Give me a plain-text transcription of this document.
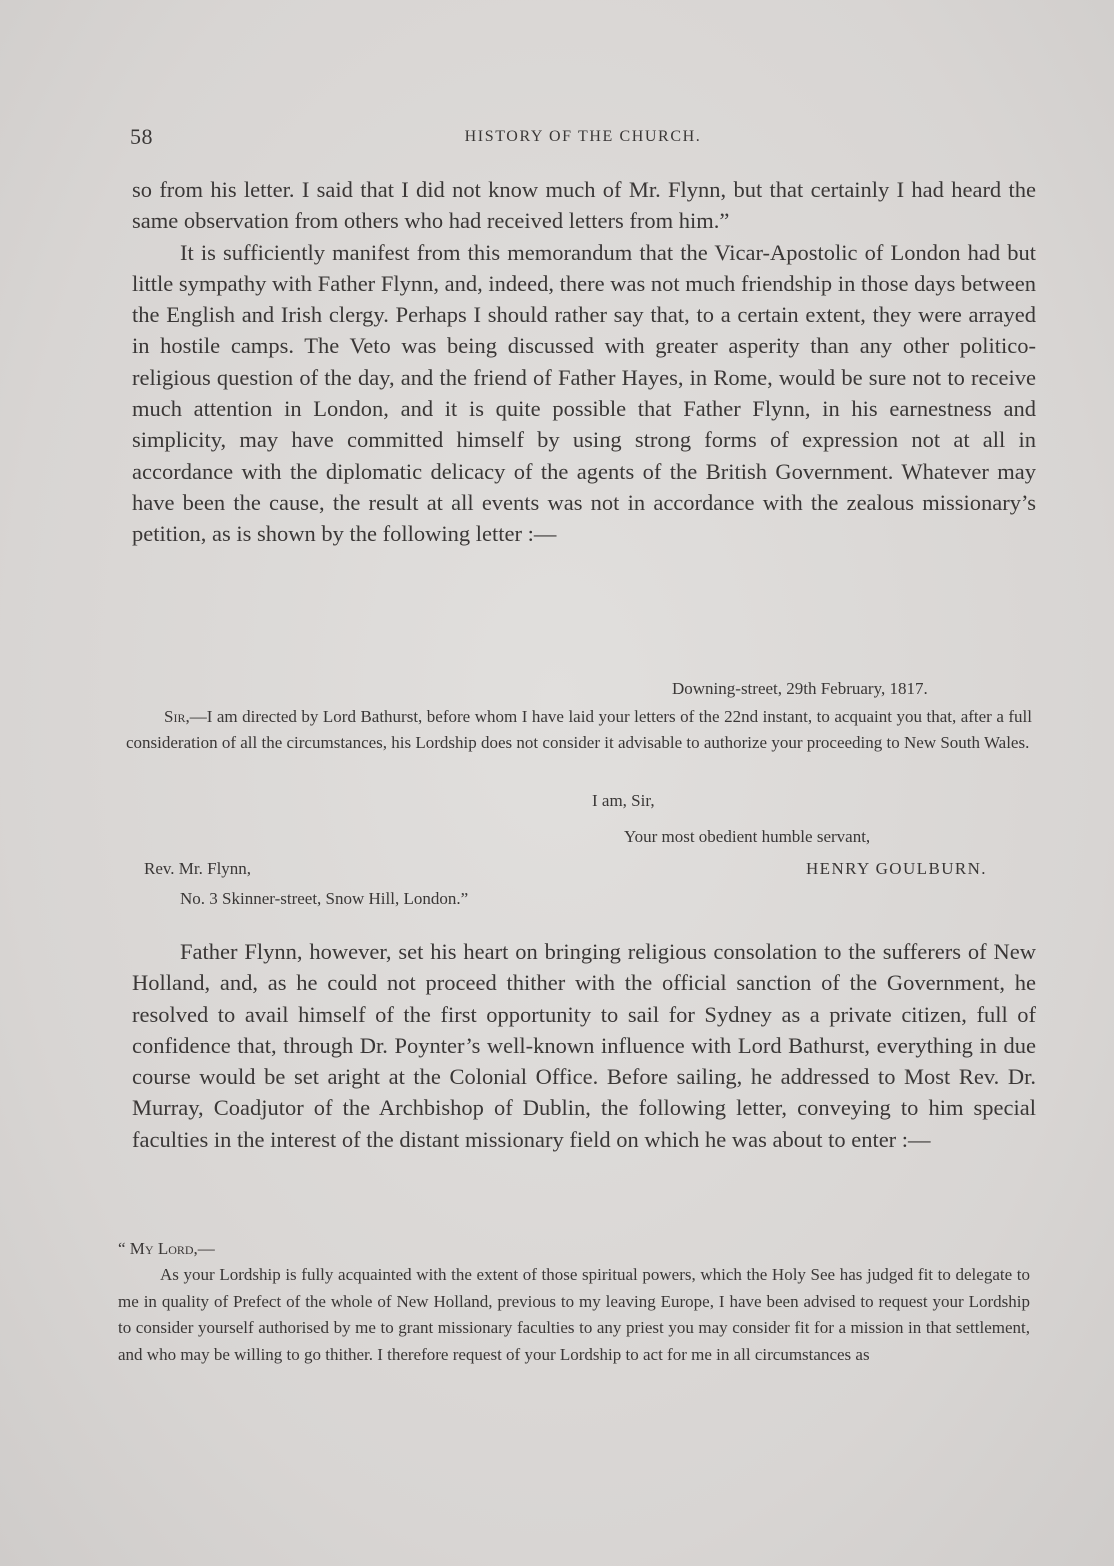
58	HISTORY OF THE CHURCH.

so from his letter. I said that I did not know much of Mr. Flynn, but that certainly I had heard the same observation from others who had received letters from him.”

It is sufficiently manifest from this memorandum that the Vicar-Apostolic of London had but little sympathy with Father Flynn, and, indeed, there was not much friendship in those days between the English and Irish clergy. Perhaps I should rather say that, to a certain extent, they were arrayed in hostile camps. The Veto was being discussed with greater asperity than any other politico-religious question of the day, and the friend of Father Hayes, in Rome, would be sure not to receive much attention in London, and it is quite possible that Father Flynn, in his earnestness and simplicity, may have committed himself by using strong forms of expression not at all in accordance with the diplomatic delicacy of the agents of the British Government. Whatever may have been the cause, the result at all events was not in accordance with the zealous missionary’s petition, as is shown by the following letter :—

Downing-street, 29th February, 1817.

Sir,—I am directed by Lord Bathurst, before whom I have laid your letters of the 22nd instant, to acquaint you that, after a full consideration of all the circumstances, his Lordship does not consider it advisable to authorize your proceeding to New South Wales.

I am, Sir,
Your most obedient humble servant,
Rev. Mr. Flynn,	HENRY GOULBURN.
No. 3 Skinner-street, Snow Hill, London.”

Father Flynn, however, set his heart on bringing religious consolation to the sufferers of New Holland, and, as he could not proceed thither with the official sanction of the Government, he resolved to avail himself of the first opportunity to sail for Sydney as a private citizen, full of confidence that, through Dr. Poynter’s well-known influence with Lord Bathurst, everything in due course would be set aright at the Colonial Office. Before sailing, he addressed to Most Rev. Dr. Murray, Coadjutor of the Archbishop of Dublin, the following letter, conveying to him special faculties in the interest of the distant missionary field on which he was about to enter :—

“ My Lord,—

As your Lordship is fully acquainted with the extent of those spiritual powers, which the Holy See has judged fit to delegate to me in quality of Prefect of the whole of New Holland, previous to my leaving Europe, I have been advised to request your Lordship to consider yourself authorised by me to grant missionary faculties to any priest you may consider fit for a mission in that settlement, and who may be willing to go thither. I therefore request of your Lordship to act for me in all circumstances as
